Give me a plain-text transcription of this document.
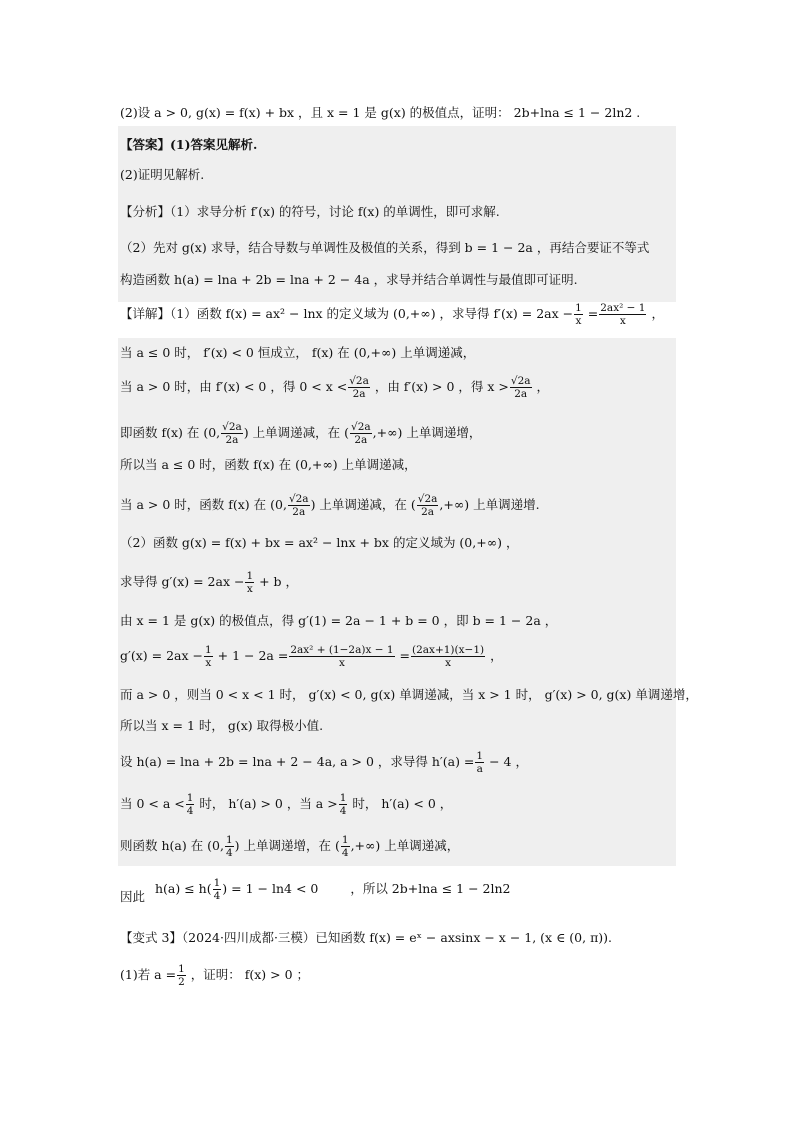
(2)设 a > 0, g(x) = f(x) + bx ，且 x = 1 是 g(x) 的极值点，证明： 2b+lna ≤ 1 − 2ln2 .
【答案】(1)答案见解析.
(2)证明见解析.
【分析】（1）求导分析 f′(x) 的符号，讨论 f(x) 的单调性，即可求解.
（2）先对 g(x) 求导，结合导数与单调性及极值的关系，得到 b = 1 − 2a ，再结合要证不等式
构造函数 h(a) = lna + 2b = lna + 2 − 4a ，求导并结合单调性与最值即可证明.
【详解】（1）函数 f(x) = ax² − lnx 的定义域为 (0,+∞) ，求导得 $f'(x) = 2ax - \frac{1}{x} = \frac{\text{2ax² − 1}}{x}$ ，
当 a ≤ 0 时， f′(x) < 0 恒成立， f(x) 在 (0,+∞) 上单调递减，
当 a > 0 时，由 f′(x) < 0 ，得 $0 < x < \frac{√2a}{2a}$ ，由 f′(x) > 0 ，得 $x > \frac{√2a}{2a}$ ，
即函数 f(x) 在 (0, $\frac{√2a}{2a}$ ) 上单调递减，在 ( $\frac{√2a}{2a}$ ,+∞) 上单调递增，
所以当 a ≤ 0 时，函数 f(x) 在 (0,+∞) 上单调递减，
当 a > 0 时，函数 f(x) 在 (0, $\frac{√2a}{2a}$ ) 上单调递减，在 ( $\frac{√2a}{2a}$ ,+∞) 上单调递增.
（2）函数 g(x) = f(x) + bx = ax² − lnx + bx 的定义域为 (0,+∞) ，
求导得 $g'(x) = 2ax - \frac{1}{x} + b$ ，
由 x = 1 是 g(x) 的极值点，得 g′(1) = 2a − 1 + b = 0 ，即 b = 1 − 2a ，
$g'(x) = 2ax - \frac{1}{x} + 1 - 2a = \frac{\text{2ax² + (1−2a)x − 1}}{x} = \frac{(2ax+1)(x-1)}{x}$ ，
而 a > 0 ，则当 0 < x < 1 时， g′(x) < 0, g(x) 单调递减，当 x > 1 时， g′(x) > 0, g(x) 单调递增，
所以当 x = 1 时， g(x) 取得极小值.
设 h(a) = lna + 2b = lna + 2 − 4a, a > 0 ，求导得 $h'(a) = \frac{1}{a} - 4$ ，
当 $0 < a < \frac{1}{4}$ 时， h′(a) > 0 ，当 $a > \frac{1}{4}$ 时， h′(a) < 0 ，
则函数 h(a) 在 (0, $\frac{1}{4}$ ) 上单调递增，在 ( $\frac{1}{4}$ ,+∞) 上单调递减，
因此 $h(a) \le h( \frac{1}{4}$ ) = 1 − ln4 < 0 ，所以 2b+lna ≤ 1 − 2ln2
【变式 3】（2024·四川成都·三模）已知函数 f(x) = eˣ − axsinx − x − 1, (x ∈ (0, π)).
(1)若 $a = \frac{1}{2}$ ，证明： f(x) > 0 ；
